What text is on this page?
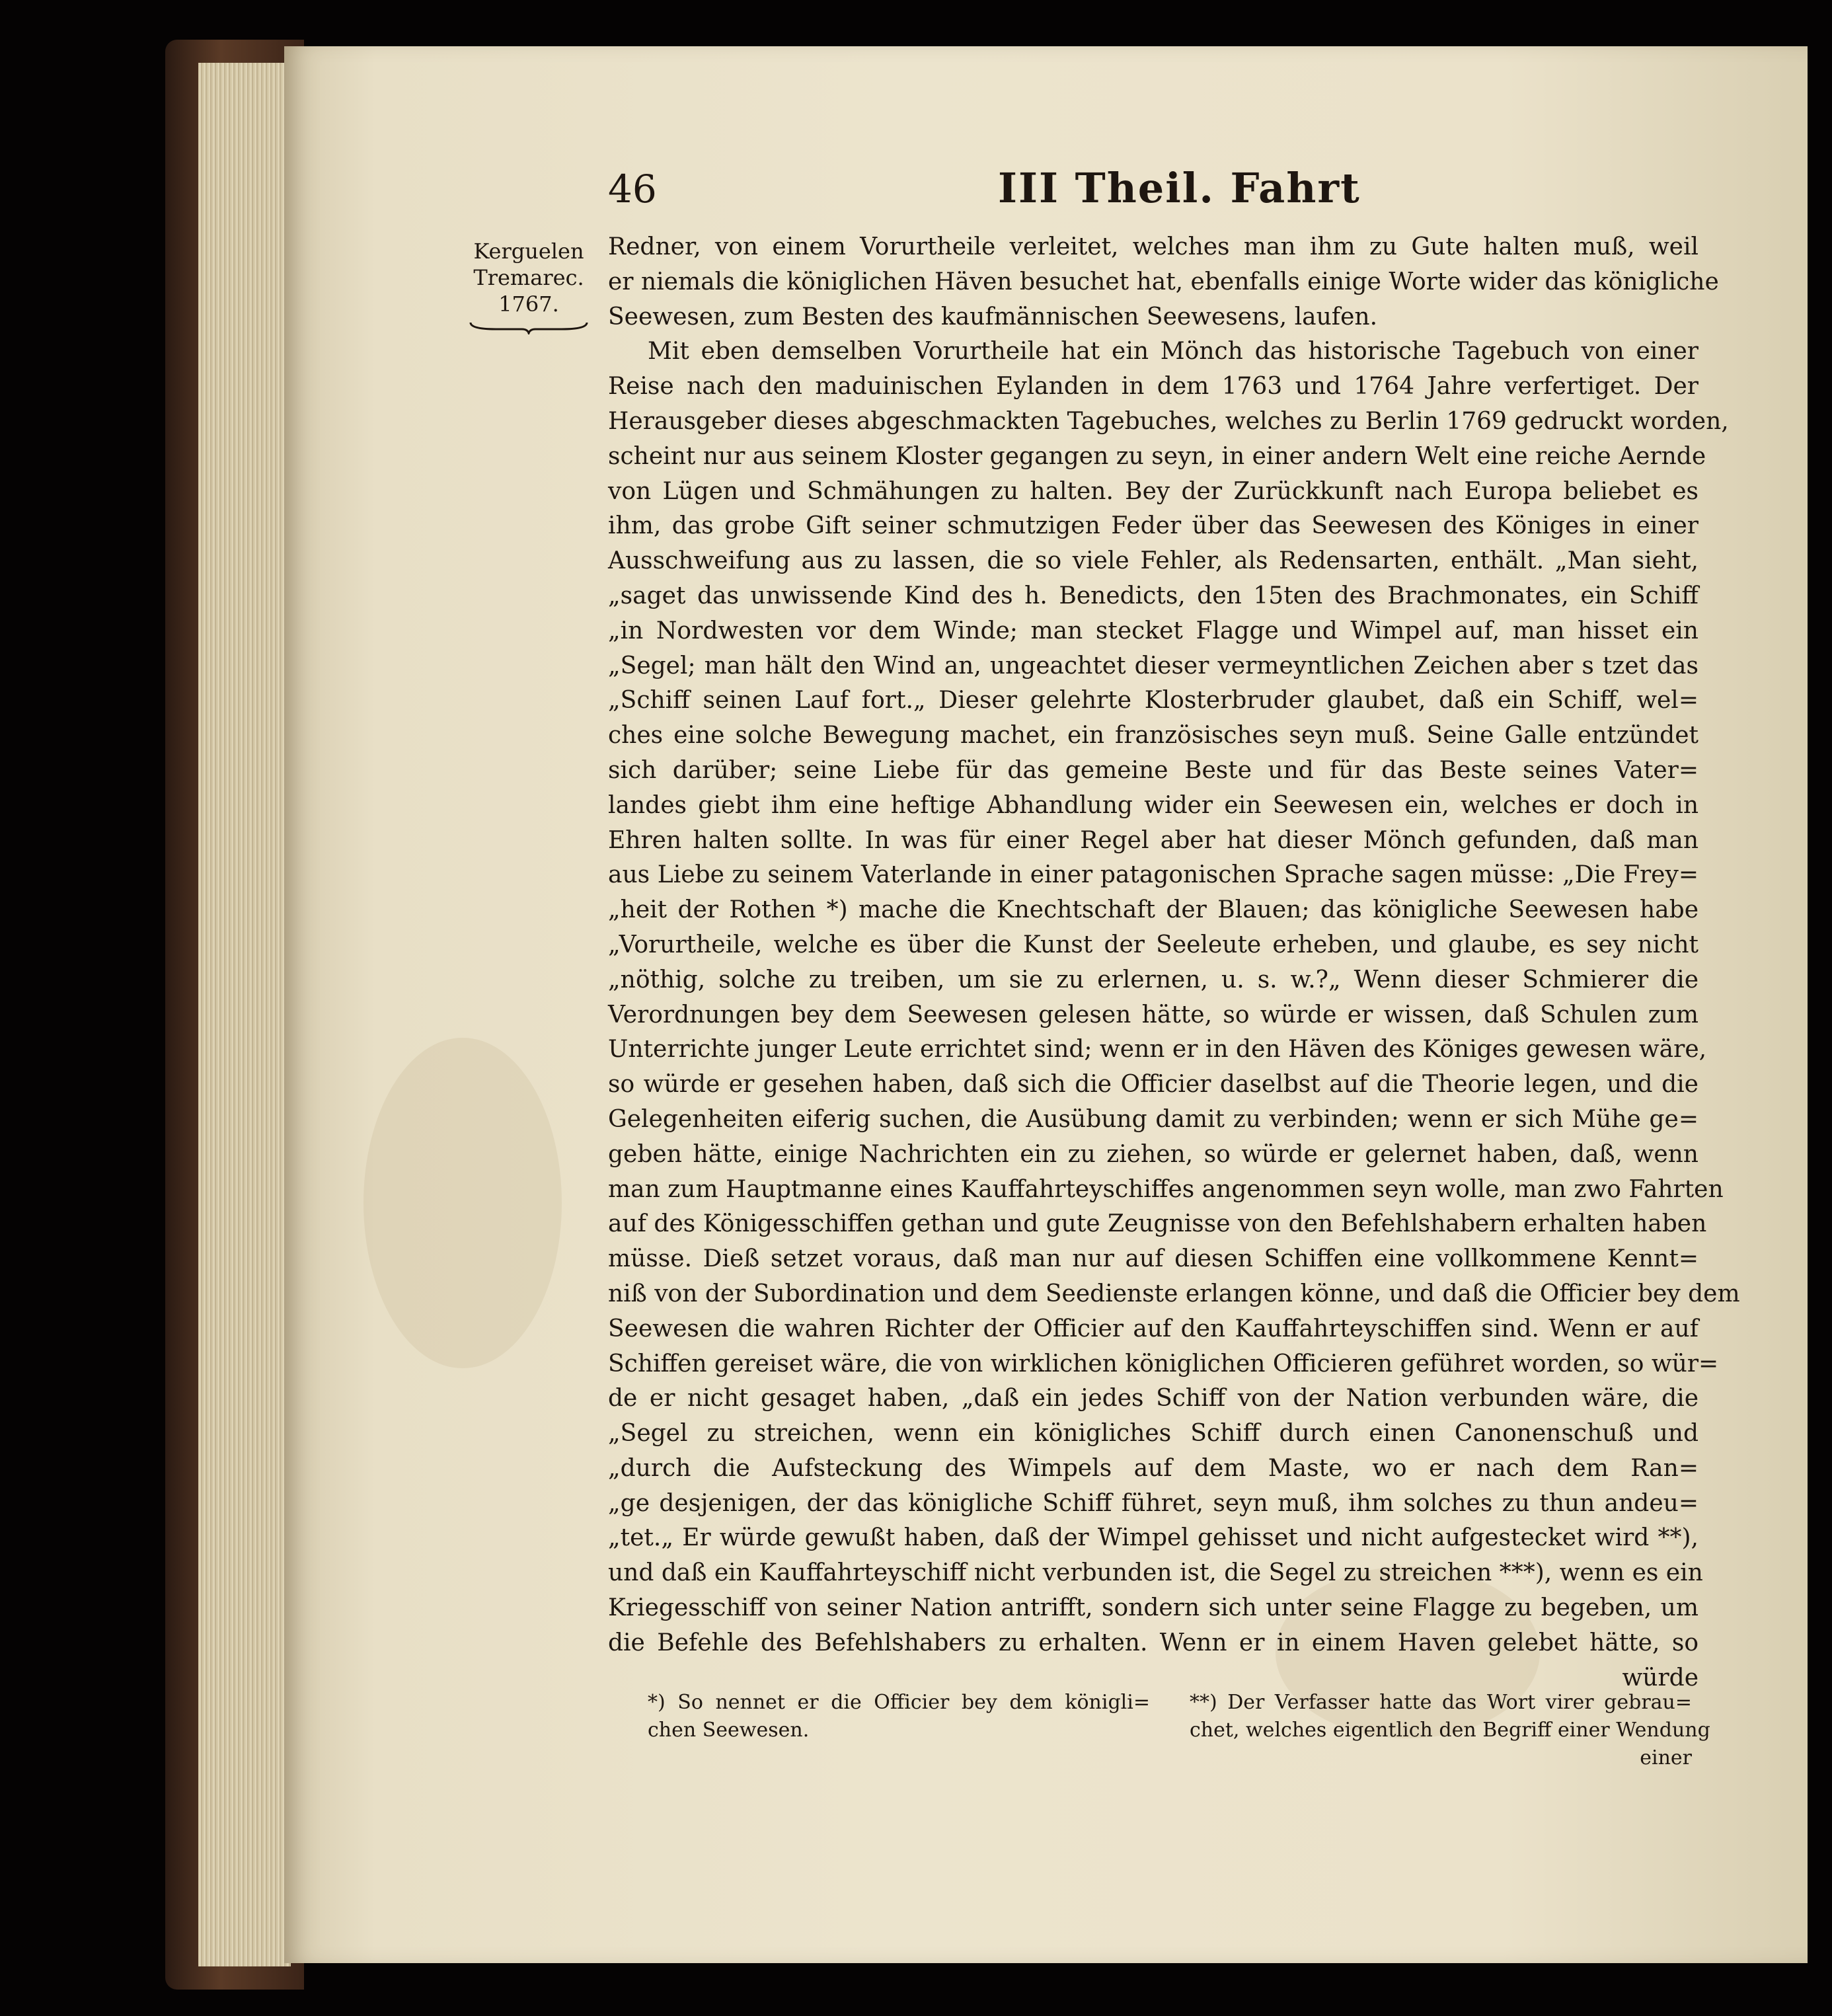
46	III Theil. Fahrt
Kerguelen
Tremarec.
1767.
Redner, von einem Vorurtheile verleitet, welches man ihm zu Gute halten muß, weil
er niemals die königlichen Häven besuchet hat, ebenfalls einige Worte wider das königliche
Seewesen, zum Besten des kaufmännischen Seewesens, laufen.
Mit eben demselben Vorurtheile hat ein Mönch das historische Tagebuch von einer
Reise nach den maduinischen Eylanden in dem 1763 und 1764 Jahre verfertiget. Der
Herausgeber dieses abgeschmackten Tagebuches, welches zu Berlin 1769 gedruckt worden,
scheint nur aus seinem Kloster gegangen zu seyn, in einer andern Welt eine reiche Aernde
von Lügen und Schmähungen zu halten. Bey der Zurückkunft nach Europa beliebet es
ihm, das grobe Gift seiner schmutzigen Feder über das Seewesen des Königes in einer
Ausschweifung aus zu lassen, die so viele Fehler, als Redensarten, enthält. „Man sieht,
„saget das unwissende Kind des h. Benedicts, den 15ten des Brachmonates, ein Schiff
„in Nordwesten vor dem Winde; man stecket Flagge und Wimpel auf, man hisset ein
„Segel; man hält den Wind an, ungeachtet dieser vermeyntlichen Zeichen aber s tzet das
„Schiff seinen Lauf fort.„ Dieser gelehrte Klosterbruder glaubet, daß ein Schiff, wel=
ches eine solche Bewegung machet, ein französisches seyn muß. Seine Galle entzündet
sich darüber; seine Liebe für das gemeine Beste und für das Beste seines Vater=
landes giebt ihm eine heftige Abhandlung wider ein Seewesen ein, welches er doch in
Ehren halten sollte. In was für einer Regel aber hat dieser Mönch gefunden, daß man
aus Liebe zu seinem Vaterlande in einer patagonischen Sprache sagen müsse: „Die Frey=
„heit der Rothen *) mache die Knechtschaft der Blauen; das königliche Seewesen habe
„Vorurtheile, welche es über die Kunst der Seeleute erheben, und glaube, es sey nicht
„nöthig, solche zu treiben, um sie zu erlernen, u. s. w.?„ Wenn dieser Schmierer die
Verordnungen bey dem Seewesen gelesen hätte, so würde er wissen, daß Schulen zum
Unterrichte junger Leute errichtet sind; wenn er in den Häven des Königes gewesen wäre,
so würde er gesehen haben, daß sich die Officier daselbst auf die Theorie legen, und die
Gelegenheiten eiferig suchen, die Ausübung damit zu verbinden; wenn er sich Mühe ge=
geben hätte, einige Nachrichten ein zu ziehen, so würde er gelernet haben, daß, wenn
man zum Hauptmanne eines Kauffahrteyschiffes angenommen seyn wolle, man zwo Fahrten
auf des Königesschiffen gethan und gute Zeugnisse von den Befehlshabern erhalten haben
müsse. Dieß setzet voraus, daß man nur auf diesen Schiffen eine vollkommene Kennt=
niß von der Subordination und dem Seedienste erlangen könne, und daß die Officier bey dem
Seewesen die wahren Richter der Officier auf den Kauffahrteyschiffen sind. Wenn er auf
Schiffen gereiset wäre, die von wirklichen königlichen Officieren geführet worden, so wür=
de er nicht gesaget haben, „daß ein jedes Schiff von der Nation verbunden wäre, die
„Segel zu streichen, wenn ein königliches Schiff durch einen Canonenschuß und
„durch die Aufsteckung des Wimpels auf dem Maste, wo er nach dem Ran=
„ge desjenigen, der das königliche Schiff führet, seyn muß, ihm solches zu thun andeu=
„tet.„ Er würde gewußt haben, daß der Wimpel gehisset und nicht aufgestecket wird **),
und daß ein Kauffahrteyschiff nicht verbunden ist, die Segel zu streichen ***), wenn es ein
Kriegesschiff von seiner Nation antrifft, sondern sich unter seine Flagge zu begeben, um
die Befehle des Befehlshabers zu erhalten. Wenn er in einem Haven gelebet hätte, so
würde
*) So nennet er die Officier bey dem königli=
chen Seewesen.
**) Der Verfasser hatte das Wort virer gebrau=
chet, welches eigentlich den Begriff einer Wendung
einer
